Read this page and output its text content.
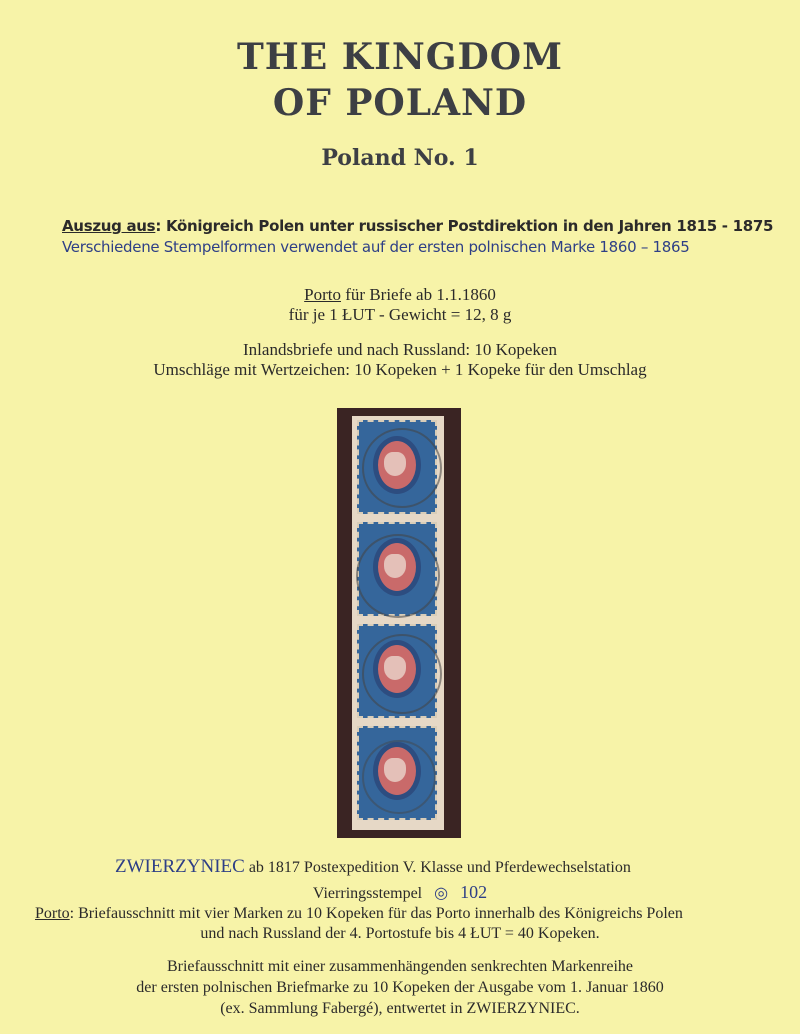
THE KINGDOM
OF POLAND
Poland No. 1
Auszug aus: Königreich Polen unter russischer Postdirektion in den Jahren 1815 - 1875
Verschiedene Stempelformen verwendet auf der ersten polnischen Marke 1860 – 1865
Porto für Briefe ab 1.1.1860
für je 1 ŁUT - Gewicht = 12, 8 g
Inlandsbriefe und nach Russland: 10 Kopeken
Umschläge mit Wertzeichen: 10 Kopeken + 1 Kopeke für den Umschlag
ZWIERZYNIEC ab 1817 Postexpedition V. Klasse und Pferdewechselstation
Vierringsstempel ◎ 102
Porto: Briefausschnitt mit vier Marken zu 10 Kopeken für das Porto innerhalb des Königreichs Polen
und nach Russland der 4. Portostufe bis 4 ŁUT = 40 Kopeken.
Briefausschnitt mit einer zusammenhängenden senkrechten Markenreihe
der ersten polnischen Briefmarke zu 10 Kopeken der Ausgabe vom 1. Januar 1860
(ex. Sammlung Fabergé), entwertet in ZWIERZYNIEC.
